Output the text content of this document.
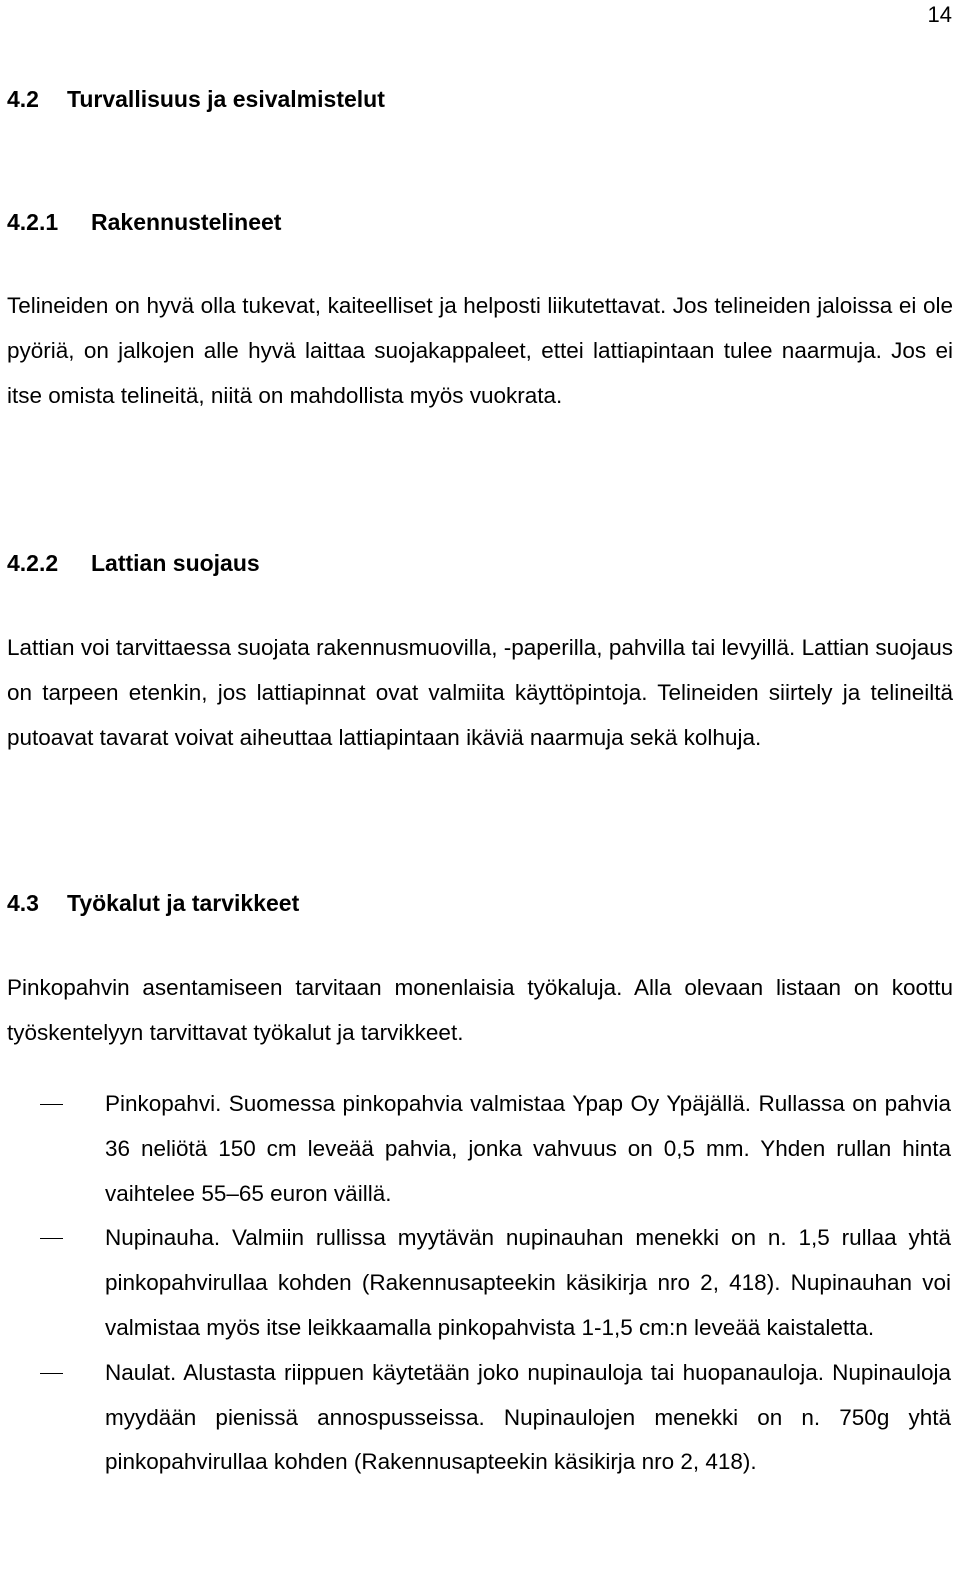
14
4.2 Turvallisuus ja esivalmistelut
4.2.1 Rakennustelineet

Telineiden on hyvä olla tukevat, kaiteelliset ja helposti liikutettavat. Jos telineiden jaloissa ei ole pyöriä, on jalkojen alle hyvä laittaa suojakappaleet, ettei lattiapintaan tulee naarmuja. Jos ei itse omista telineitä, niitä on mahdollista myös vuokrata.

4.2.2 Lattian suojaus

Lattian voi tarvittaessa suojata rakennusmuovilla, -paperilla, pahvilla tai levyillä. Lattian suojaus on tarpeen etenkin, jos lattiapinnat ovat valmiita käyttöpintoja. Telineiden siirtely ja telineiltä putoavat tavarat voivat aiheuttaa lattiapintaan ikäviä naarmuja sekä kolhuja.

4.3 Työkalut ja tarvikkeet

Pinkopahvin asentamiseen tarvitaan monenlaisia työkaluja. Alla olevaan listaan on koottu työskentelyyn tarvittavat työkalut ja tarvikkeet.

Pinkopahvi. Suomessa pinkopahvia valmistaa Ypap Oy Ypäjällä. Rullassa on pahvia 36 neliötä 150 cm leveää pahvia, jonka vahvuus on 0,5 mm. Yhden rullan hinta vaihtelee 55–65 euron väillä.
Nupinauha. Valmiin rullissa myytävän nupinauhan menekki on n. 1,5 rullaa yhtä pinkopahvirullaa kohden (Rakennusapteekin käsikirja nro 2, 418). Nupinauhan voi valmistaa myös itse leikkaamalla pinkopahvista 1-1,5 cm:n leveää kaistaletta.
Naulat. Alustasta riippuen käytetään joko nupinauloja tai huopanauloja. Nupinauloja myydään pienissä annospusseissa. Nupinaulojen menekki on n. 750g yhtä pinkopahvirullaa kohden (Rakennusapteekin käsikirja nro 2, 418).
